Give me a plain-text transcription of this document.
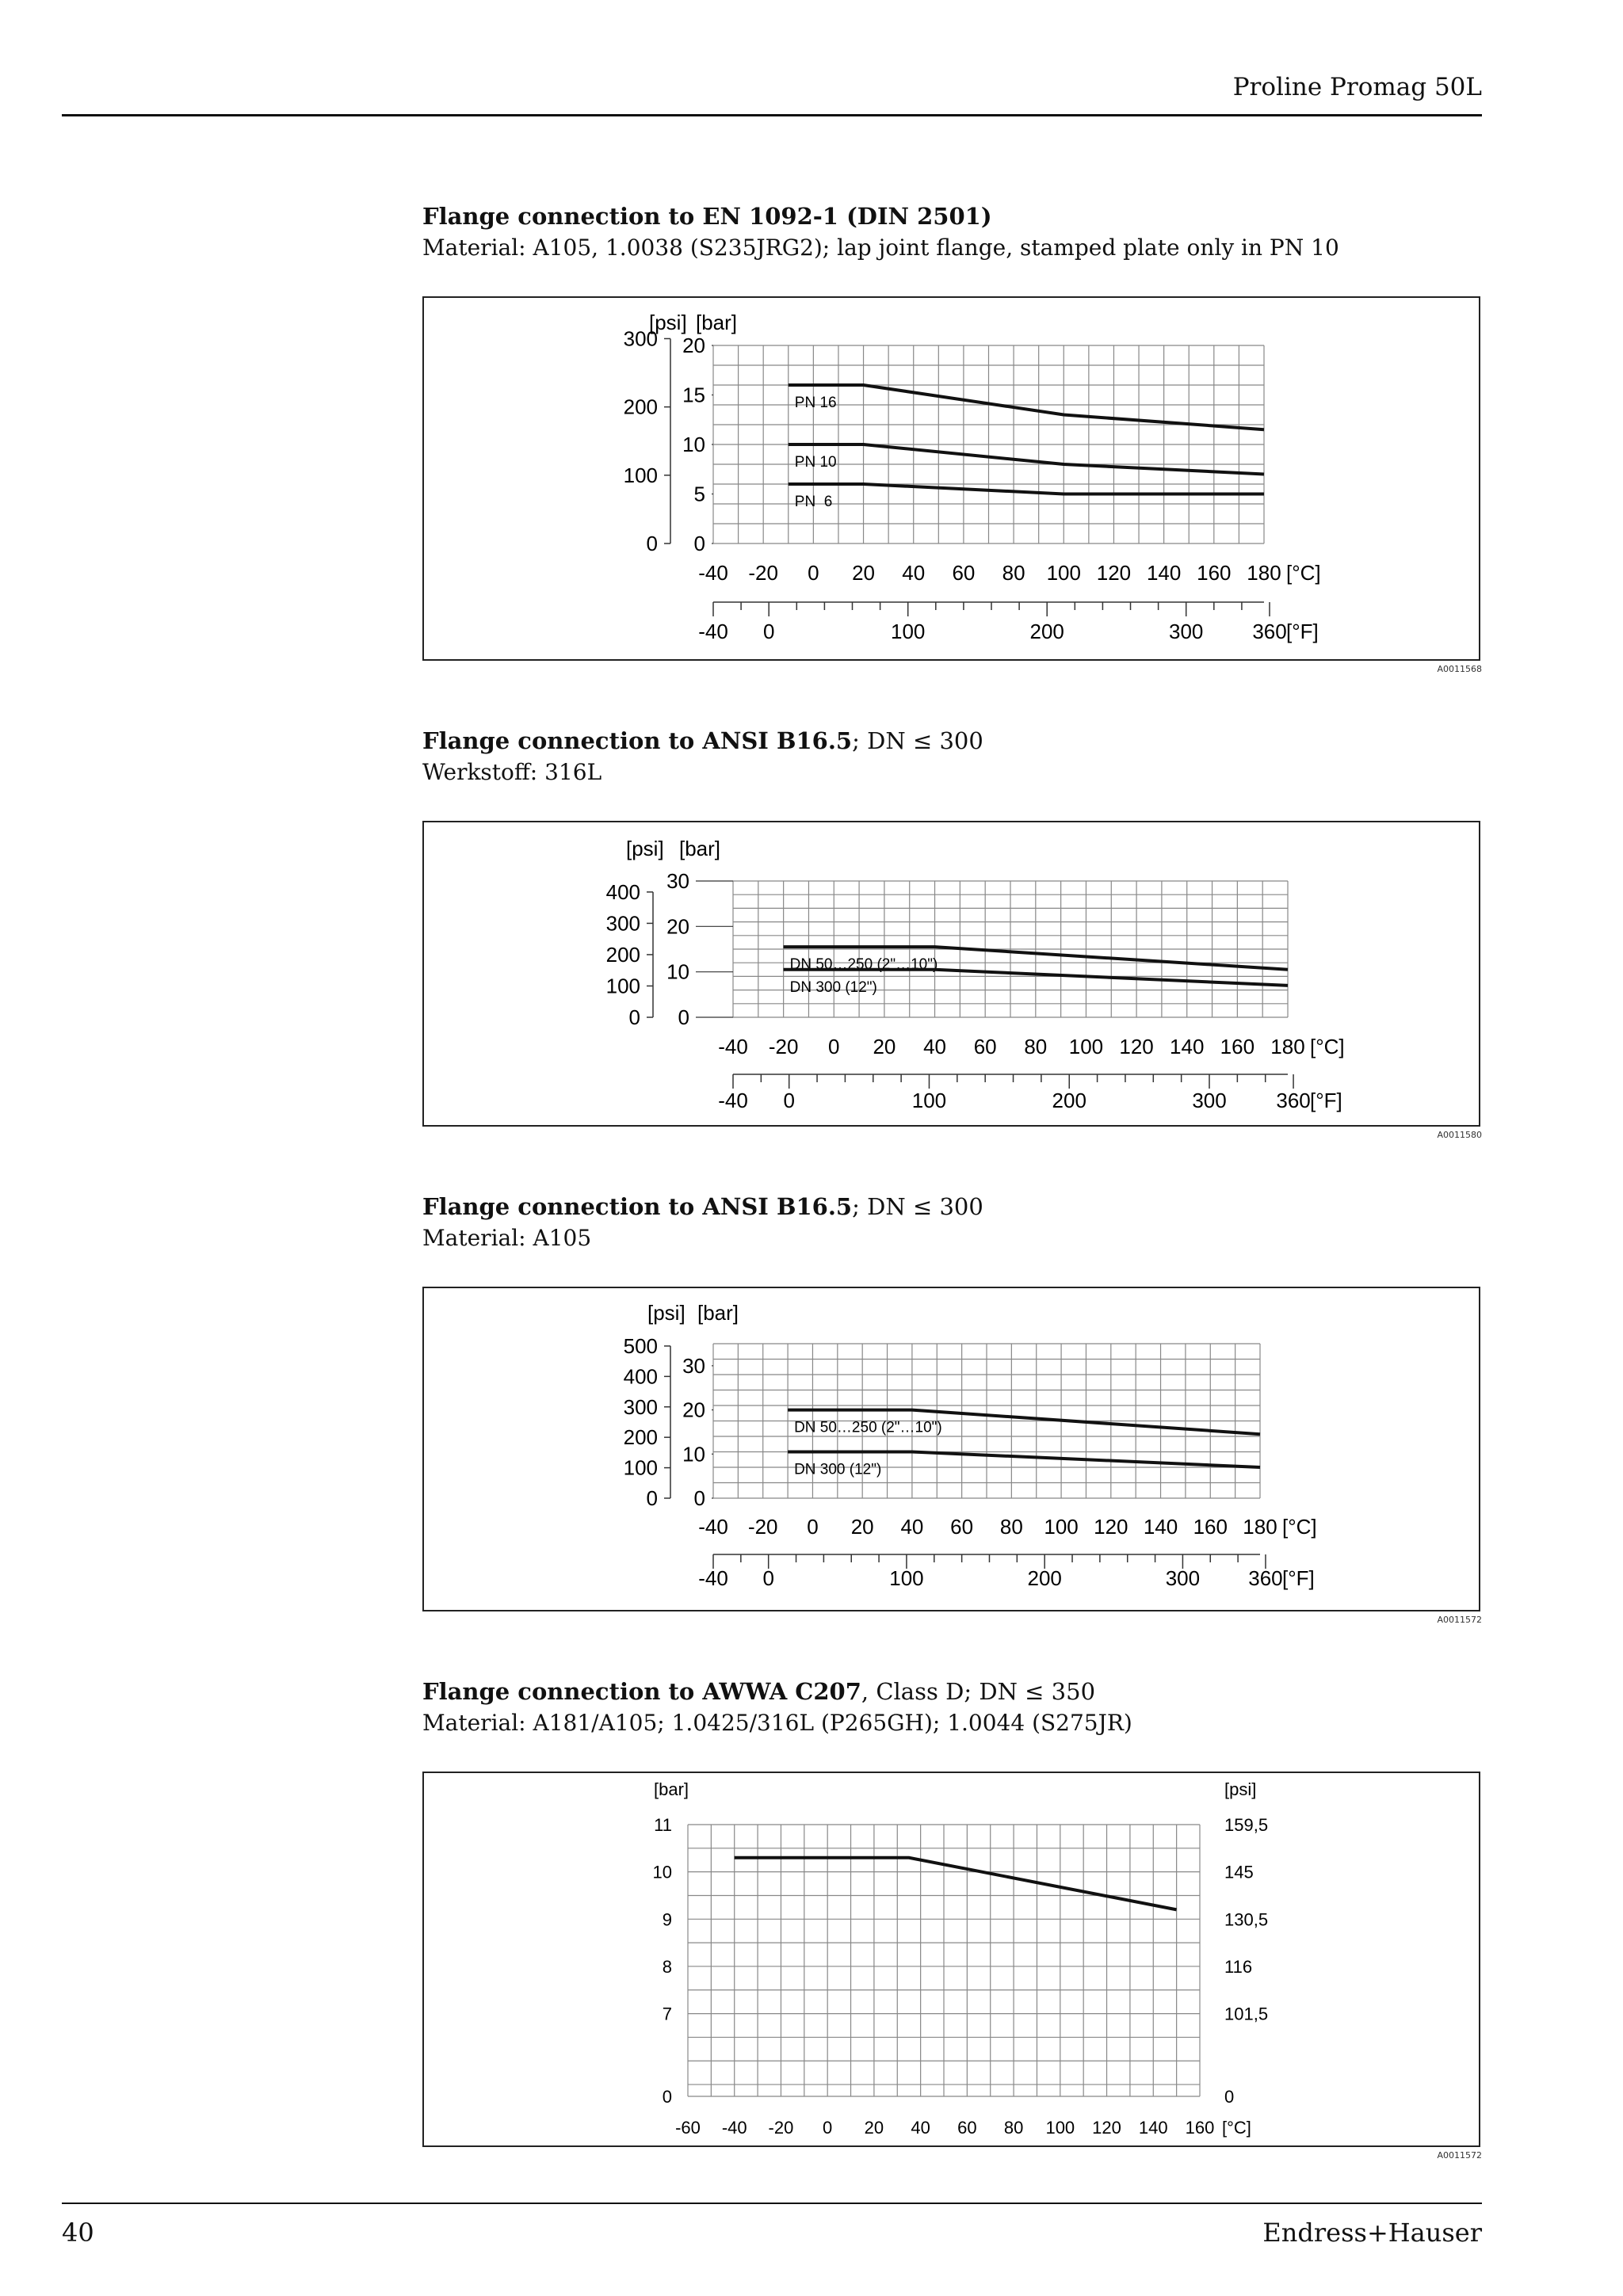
Proline Promag 50L
Flange connection to EN 1092-1 (DIN 2501)
Material: A105, 1.0038 (S235JRG2); lap joint flange, stamped plate only in PN 10
[bar]
[psi]
0
5
10
15
20
0
100
200
300
-40 -20 0 20 40 60 80 100 120 140 160 180 [°C]
-40 0	100	200	300 360 [°F]
PN 16
PN 10
PN  6
A0011568
Flange connection to ANSI B16.5; DN ≤ 300
Werkstoff: 316L
[bar]
[psi]
0
10
20
30
0
100
200
300
400
-40 -20 0 20 40 60 80 100 120 140 160 180 [°C]
-40 0	100	200	300 360 [°F]
DN 50…250 (2"…10")
DN 300 (12")
A0011580
Flange connection to ANSI B16.5; DN ≤ 300
Material: A105
[bar]
[psi]
0
10
20
30
0
100
200
300
400
500
-40 -20 0 20 40 60 80 100 120 140 160 180 [°C]
-40 0	100	200	300 360 [°F]
DN 50…250 (2"…10")
DN 300 (12")
A0011572
Flange connection to AWWA C207, Class D; DN ≤ 350
Material: A181/A105; 1.0425/316L (P265GH); 1.0044 (S275JR)
[bar]	[psi]
11
10
9
8
7
0
159,5
145
130,5
116
101,5
0
-60 -40 -20 0 20 40 60 80 100 120 140 160 [°C]
A0011572
40	Endress+Hauser
